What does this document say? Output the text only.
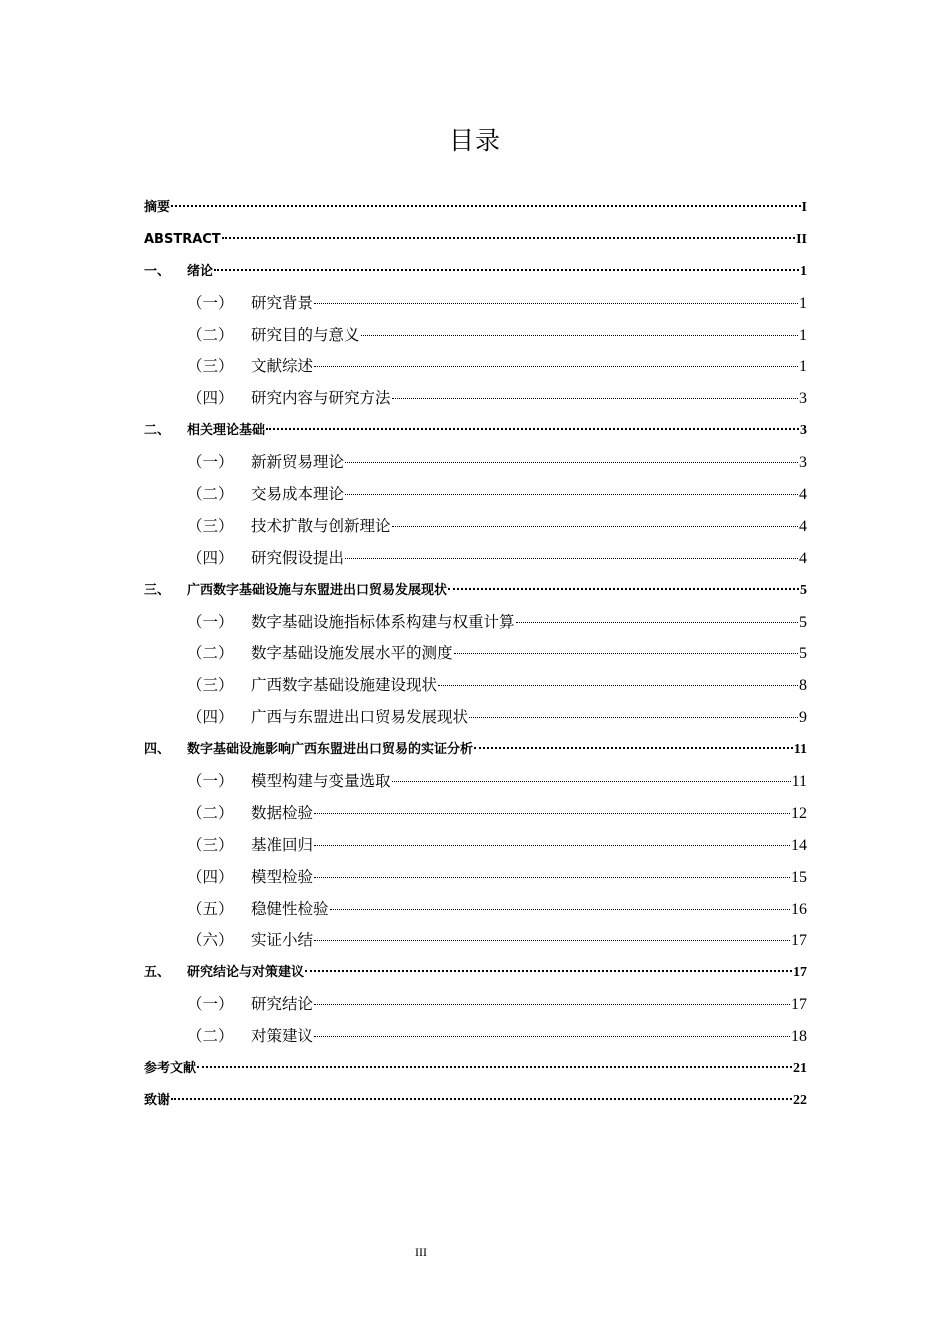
目录
摘要	I
ABSTRACT	II
一、	绪论	1
（一）	研究背景	1
（二）	研究目的与意义	1
（三）	文献综述	1
（四）	研究内容与研究方法	3
二、	相关理论基础	3
（一）	新新贸易理论	3
（二）	交易成本理论	4
（三）	技术扩散与创新理论	4
（四）	研究假设提出	4
三、	广西数字基础设施与东盟进出口贸易发展现状	5
（一）	数字基础设施指标体系构建与权重计算	5
（二）	数字基础设施发展水平的测度	5
（三）	广西数字基础设施建设现状	8
（四）	广西与东盟进出口贸易发展现状	9
四、	数字基础设施影响广西东盟进出口贸易的实证分析	11
（一）	模型构建与变量选取	11
（二）	数据检验	12
（三）	基准回归	14
（四）	模型检验	15
（五）	稳健性检验	16
（六）	实证小结	17
五、	研究结论与对策建议	17
（一）	研究结论	17
（二）	对策建议	18
参考文献	21
致谢	22
III
